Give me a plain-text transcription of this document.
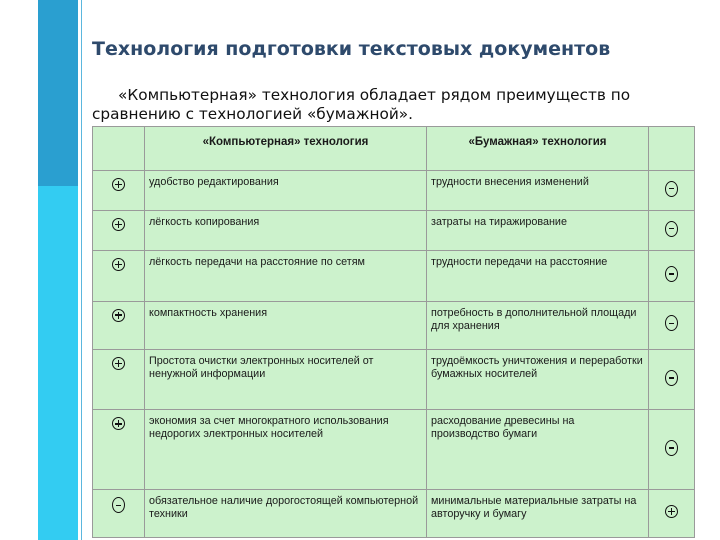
Технология подготовки текстовых документов
«Компьютерная» технология обладает рядом преимуществ по сравнению с технологией «бумажной».
	«Компьютерная» технология	«Бумажная» технология	
	удобство редактирования	трудности внесения изменений	
	лёгкость копирования	затраты на тиражирование	
	лёгкость передачи на расстояние по сетям	трудности передачи на расстояние	
	компактность хранения	потребность в дополнительной площади для хранения	
	Простота очистки электронных носителей от ненужной информации	трудоёмкость уничтожения и переработки бумажных носителей	
	экономия за счет многократного использования недорогих электронных носителей	расходование древесины на производство бумаги	
	обязательное наличие дорогостоящей компьютерной техники	минимальные материальные затраты на авторучку и бумагу	
